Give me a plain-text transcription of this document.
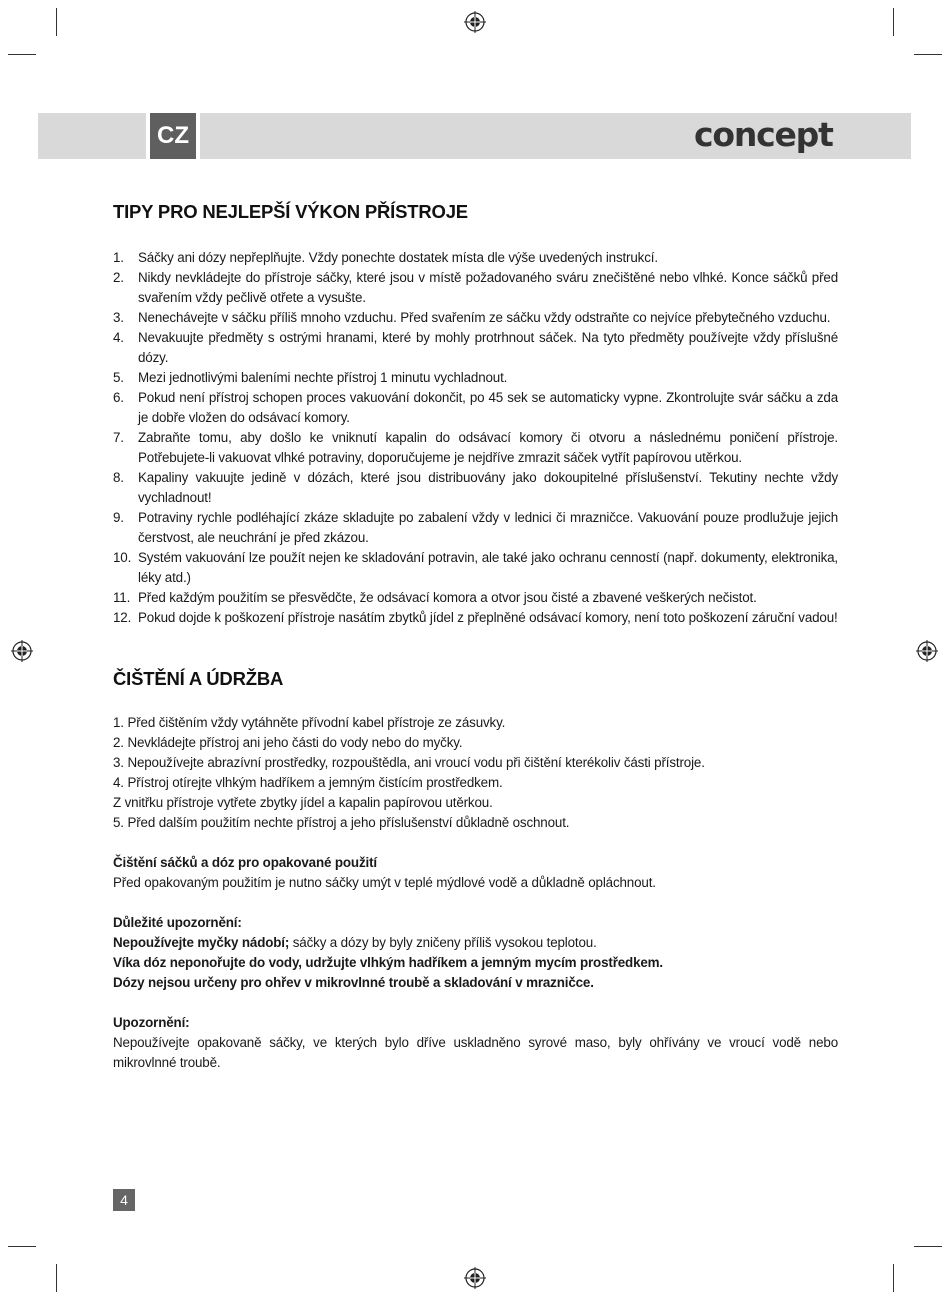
CZ	concept
TIPY PRO NEJLEPŠÍ VÝKON PŘÍSTROJE
1. Sáčky ani dózy nepřeplňujte. Vždy ponechte dostatek místa dle výše uvedených instrukcí.
2. Nikdy nevkládejte do přístroje sáčky, které jsou v místě požadovaného sváru znečištěné nebo vlhké. Konce sáčků před svařením vždy pečlivě otřete a vysušte.
3. Nenechávejte v sáčku příliš mnoho vzduchu. Před svařením ze sáčku vždy odstraňte co nejvíce přebytečného vzduchu.
4. Nevakuujte předměty s ostrými hranami, které by mohly protrhnout sáček. Na tyto předměty používejte vždy příslušné dózy.
5. Mezi jednotlivými baleními nechte přístroj 1 minutu vychladnout.
6. Pokud není přístroj schopen proces vakuování dokončit, po 45 sek se automaticky vypne. Zkontrolujte svár sáčku a zda je dobře vložen do odsávací komory.
7. Zabraňte tomu, aby došlo ke vniknutí kapalin do odsávací komory či otvoru a následnému poničení přístroje. Potřebujete-li vakuovat vlhké potraviny, doporučujeme je nejdříve zmrazit sáček vytřít papírovou utěrkou.
8. Kapaliny vakuujte jedině v dózách, které jsou distribuovány jako dokoupitelné příslušenství. Tekutiny nechte vždy vychladnout!
9. Potraviny rychle podléhající zkáze skladujte po zabalení vždy v lednici či mrazničce. Vakuování pouze prodlužuje jejich čerstvost, ale neuchrání je před zkázou.
10. Systém vakuování lze použít nejen ke skladování potravin, ale také jako ochranu cenností (např. dokumenty, elektronika, léky atd.)
11. Před každým použitím se přesvědčte, že odsávací komora a otvor jsou čisté a zbavené veškerých nečistot.
12. Pokud dojde k poškození přístroje nasátím zbytků jídel z přeplněné odsávací komory, není toto poškození záruční vadou!
ČIŠTĚNÍ A ÚDRŽBA

1. Před čištěním vždy vytáhněte přívodní kabel přístroje ze zásuvky.

2. Nevkládejte přístroj ani jeho části do vody nebo do myčky.

3. Nepoužívejte abrazívní prostředky, rozpouštědla, ani vroucí vodu při čištění kterékoliv části přístroje.

4. Přístroj otírejte vlhkým hadříkem a jemným čistícím prostředkem.

Z vnitřku přístroje vytřete zbytky jídel a kapalin papírovou utěrkou.

5. Před dalším použitím nechte přístroj a jeho příslušenství důkladně oschnout.

Čištění sáčků a dóz pro opakované použití

Před opakovaným použitím je nutno sáčky umýt v teplé mýdlové vodě a důkladně opláchnout.

Důležité upozornění:

Nepoužívejte myčky nádobí; sáčky a dózy by byly zničeny příliš vysokou teplotou.

Víka dóz neponořujte do vody, udržujte vlhkým hadříkem a jemným mycím prostředkem.

Dózy nejsou určeny pro ohřev v mikrovlnné troubě a skladování v mrazničce.

Upozornění:

Nepoužívejte opakovaně sáčky, ve kterých bylo dříve uskladněno syrové maso, byly ohřívány ve vroucí vodě nebo mikrovlnné troubě.

4
